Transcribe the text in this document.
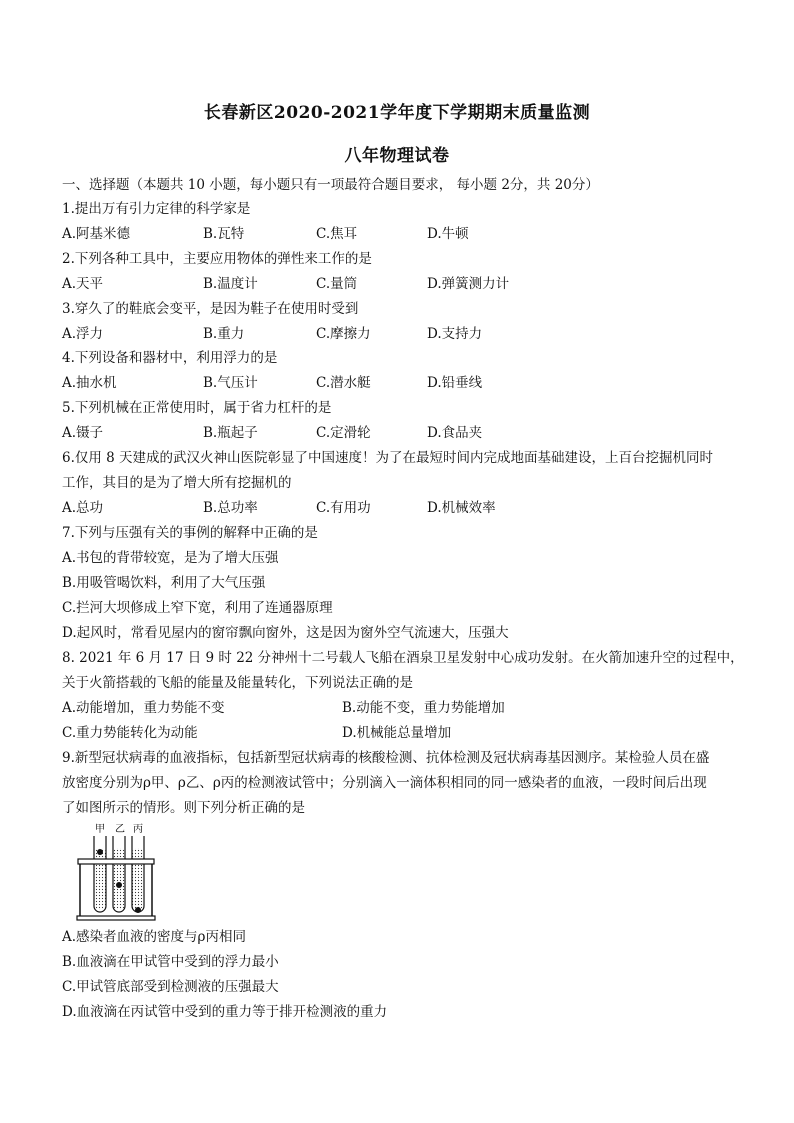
长春新区2020-2021学年度下学期期末质量监测
八年物理试卷
一、选择题（本题共 10 小题，每小题只有一项最符合题目要求， 每小题 2分，共 20分）
1.提出万有引力定律的科学家是
A.阿基米德	B.瓦特	C.焦耳	D.牛顿
2.下列各种工具中，主要应用物体的弹性来工作的是
A.天平	B.温度计	C.量筒	D.弹簧测力计
3.穿久了的鞋底会变平，是因为鞋子在使用时受到
A.浮力	B.重力	C.摩擦力	D.支持力
4.下列设备和器材中，利用浮力的是
A.抽水机	B.气压计	C.潜水艇	D.铅垂线
5.下列机械在正常使用时，属于省力杠杆的是
A.镊子	B.瓶起子	C.定滑轮	D.食品夹
6.仅用 8 天建成的武汉火神山医院彰显了中国速度！为了在最短时间内完成地面基础建设，上百台挖掘机同时
工作，其目的是为了增大所有挖掘机的
A.总功	B.总功率	C.有用功	D.机械效率
7.下列与压强有关的事例的解释中正确的是
A.书包的背带较宽，是为了增大压强
B.用吸管喝饮料，利用了大气压强
C.拦河大坝修成上窄下宽，利用了连通器原理
D.起风时，常看见屋内的窗帘飘向窗外，这是因为窗外空气流速大，压强大
8. 2021 年 6 月 17 日 9 时 22 分神州十二号载人飞船在酒泉卫星发射中心成功发射。在火箭加速升空的过程中，
关于火箭搭载的飞船的能量及能量转化，下列说法正确的是
A.动能增加，重力势能不变	B.动能不变，重力势能增加
C.重力势能转化为动能	D.机械能总量增加
9.新型冠状病毒的血液指标，包括新型冠状病毒的核酸检测、抗体检测及冠状病毒基因测序。某检验人员在盛
放密度分别为ρ甲、ρ乙、ρ丙的检测液试管中；分别滴入一滴体积相同的同一感染者的血液，一段时间后出现
了如图所示的情形。则下列分析正确的是
甲 乙 丙
A.感染者血液的密度与ρ丙相同
B.血液滴在甲试管中受到的浮力最小
C.甲试管底部受到检测液的压强最大
D.血液滴在丙试管中受到的重力等于排开检测液的重力
